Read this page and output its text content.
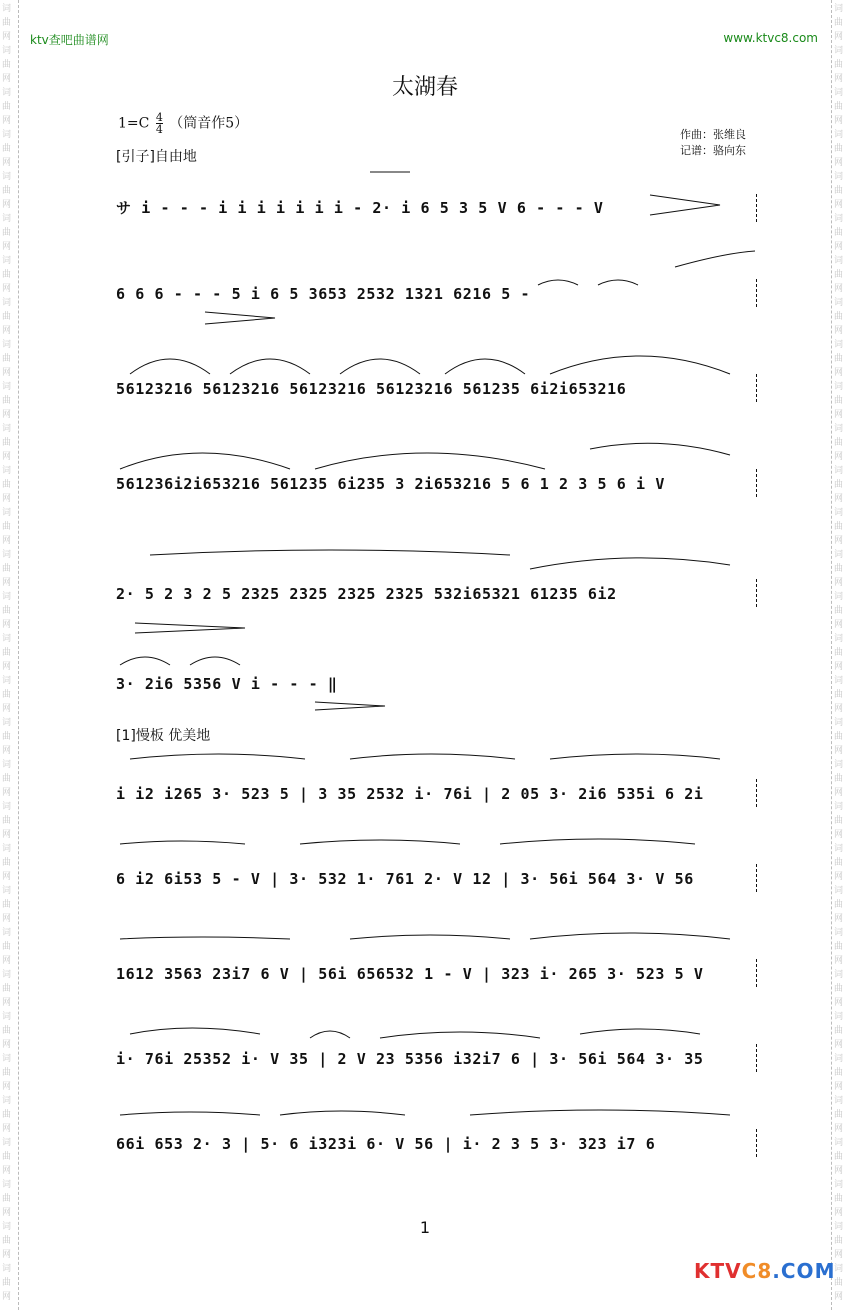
词
曲
网
词
曲
网
词
曲
网
词
曲
网
词
曲
网
词
曲
网
词
曲
网
词
曲
网
词
曲
网
词
曲
网
词
曲
网
词
曲
网
词
曲
网
词
曲
网
词
曲
网
词
曲
网
词
曲
网
词
曲
网
词
曲
网
词
曲
网
词
曲
网
词
曲
网
词
曲
网
词
曲
网
词
曲
网
词
曲
网
词
曲
网
词
曲
网
词
曲
网
词
曲
网
词
曲
网
词
曲
网
词
曲
网
词
曲
网
词
曲
网
词
曲
网
词
曲
网
词
曲
网
词
曲
网
词
曲
网
词
曲
网
词
曲
网
词
曲
网
词
曲
网
词
曲
网
词
曲
网
词
曲
网
词
曲
网
词
曲
网
词
曲
网
词
曲
网
词
曲
网
词
曲
网
词
曲
网
词
曲
网
词
曲
网
词
曲
网
词
曲
网
词
曲
网
词
曲
网
词
曲
网
词
曲
网
ktv查吧曲谱网	www.ktvc8.com
太湖春
$1=C \frac{4}{4}$ （筒音作5）
作曲：张维良
记谱：骆向东
[引子]自由地
サ i - - - i i i i i i i - 2· i 6 5 3 5 V 6 - - - V
6 6 6 - - - 5 i 6 5 3653 2532 1321 6216 5 -
56123216 56123216 56123216 56123216 561235 6i2i653216
561236i2i653216 561235 6i235 3 2i653216 5 6 1 2 3 5 6 i V
2· 5 2 3 2 5 2325 2325 2325 2325 532i65321 61235 6i2
3· 2i6 5356 V i - - - ‖
[1]慢板 优美地
i i2 i265 3· 523 5 | 3 35 2532 i· 76i | 2 05 3· 2i6 535i 6 2i
6 i2 6i53 5 - V | 3· 532 1· 761 2· V 12 | 3· 56i 564 3· V 56
1612 3563 23i7 6 V | 56i 656532 1 - V | 323 i· 265 3· 523 5 V
i· 76i 25352 i· V 35 | 2 V 23 5356 i32i7 6 | 3· 56i 564 3· 35
66i 653 2· 3 | 5· 6 i323i 6· V 56 | i· 2 3 5 3· 323 i7 6
1
KTVC8.COM
